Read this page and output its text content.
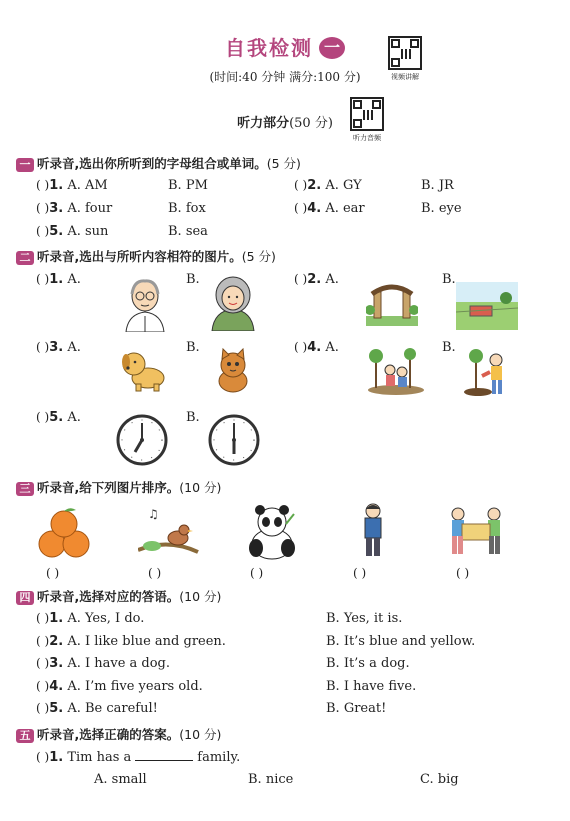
自我检测 一
视频讲解
(时间:40 分钟 满分:100 分)
听力部分(50 分)
听力音频
一 听录音,选出你所听到的字母组合或单词。(5 分)
( )1. A. AM	B. PM	( )2. A. GY	B. JR
( )3. A. four	B. fox	( )4. A. ear	B. eye
( )5. A. sun	B. sea
二 听录音,选出与所听内容相符的图片。(5 分)
( )1. A.	B.	( )2. A.	B.
( )3. A.	B.	( )4. A.	B.
( )5. A.	B.
三 听录音,给下列图片排序。(10 分)
♫
( )	( )	( )	( )	( )
四 听录音,选择对应的答语。(10 分)
( )1. A. Yes, I do.	B. Yes, it is.
( )2. A. I like blue and green.	B. It’s blue and yellow.
( )3. A. I have a dog.	B. It’s a dog.
( )4. A. I’m five years old.	B. I have five.
( )5. A. Be careful!	B. Great!
五 听录音,选择正确的答案。(10 分)
( )1. Tim has a	family.
A. small	B. nice	C. big
